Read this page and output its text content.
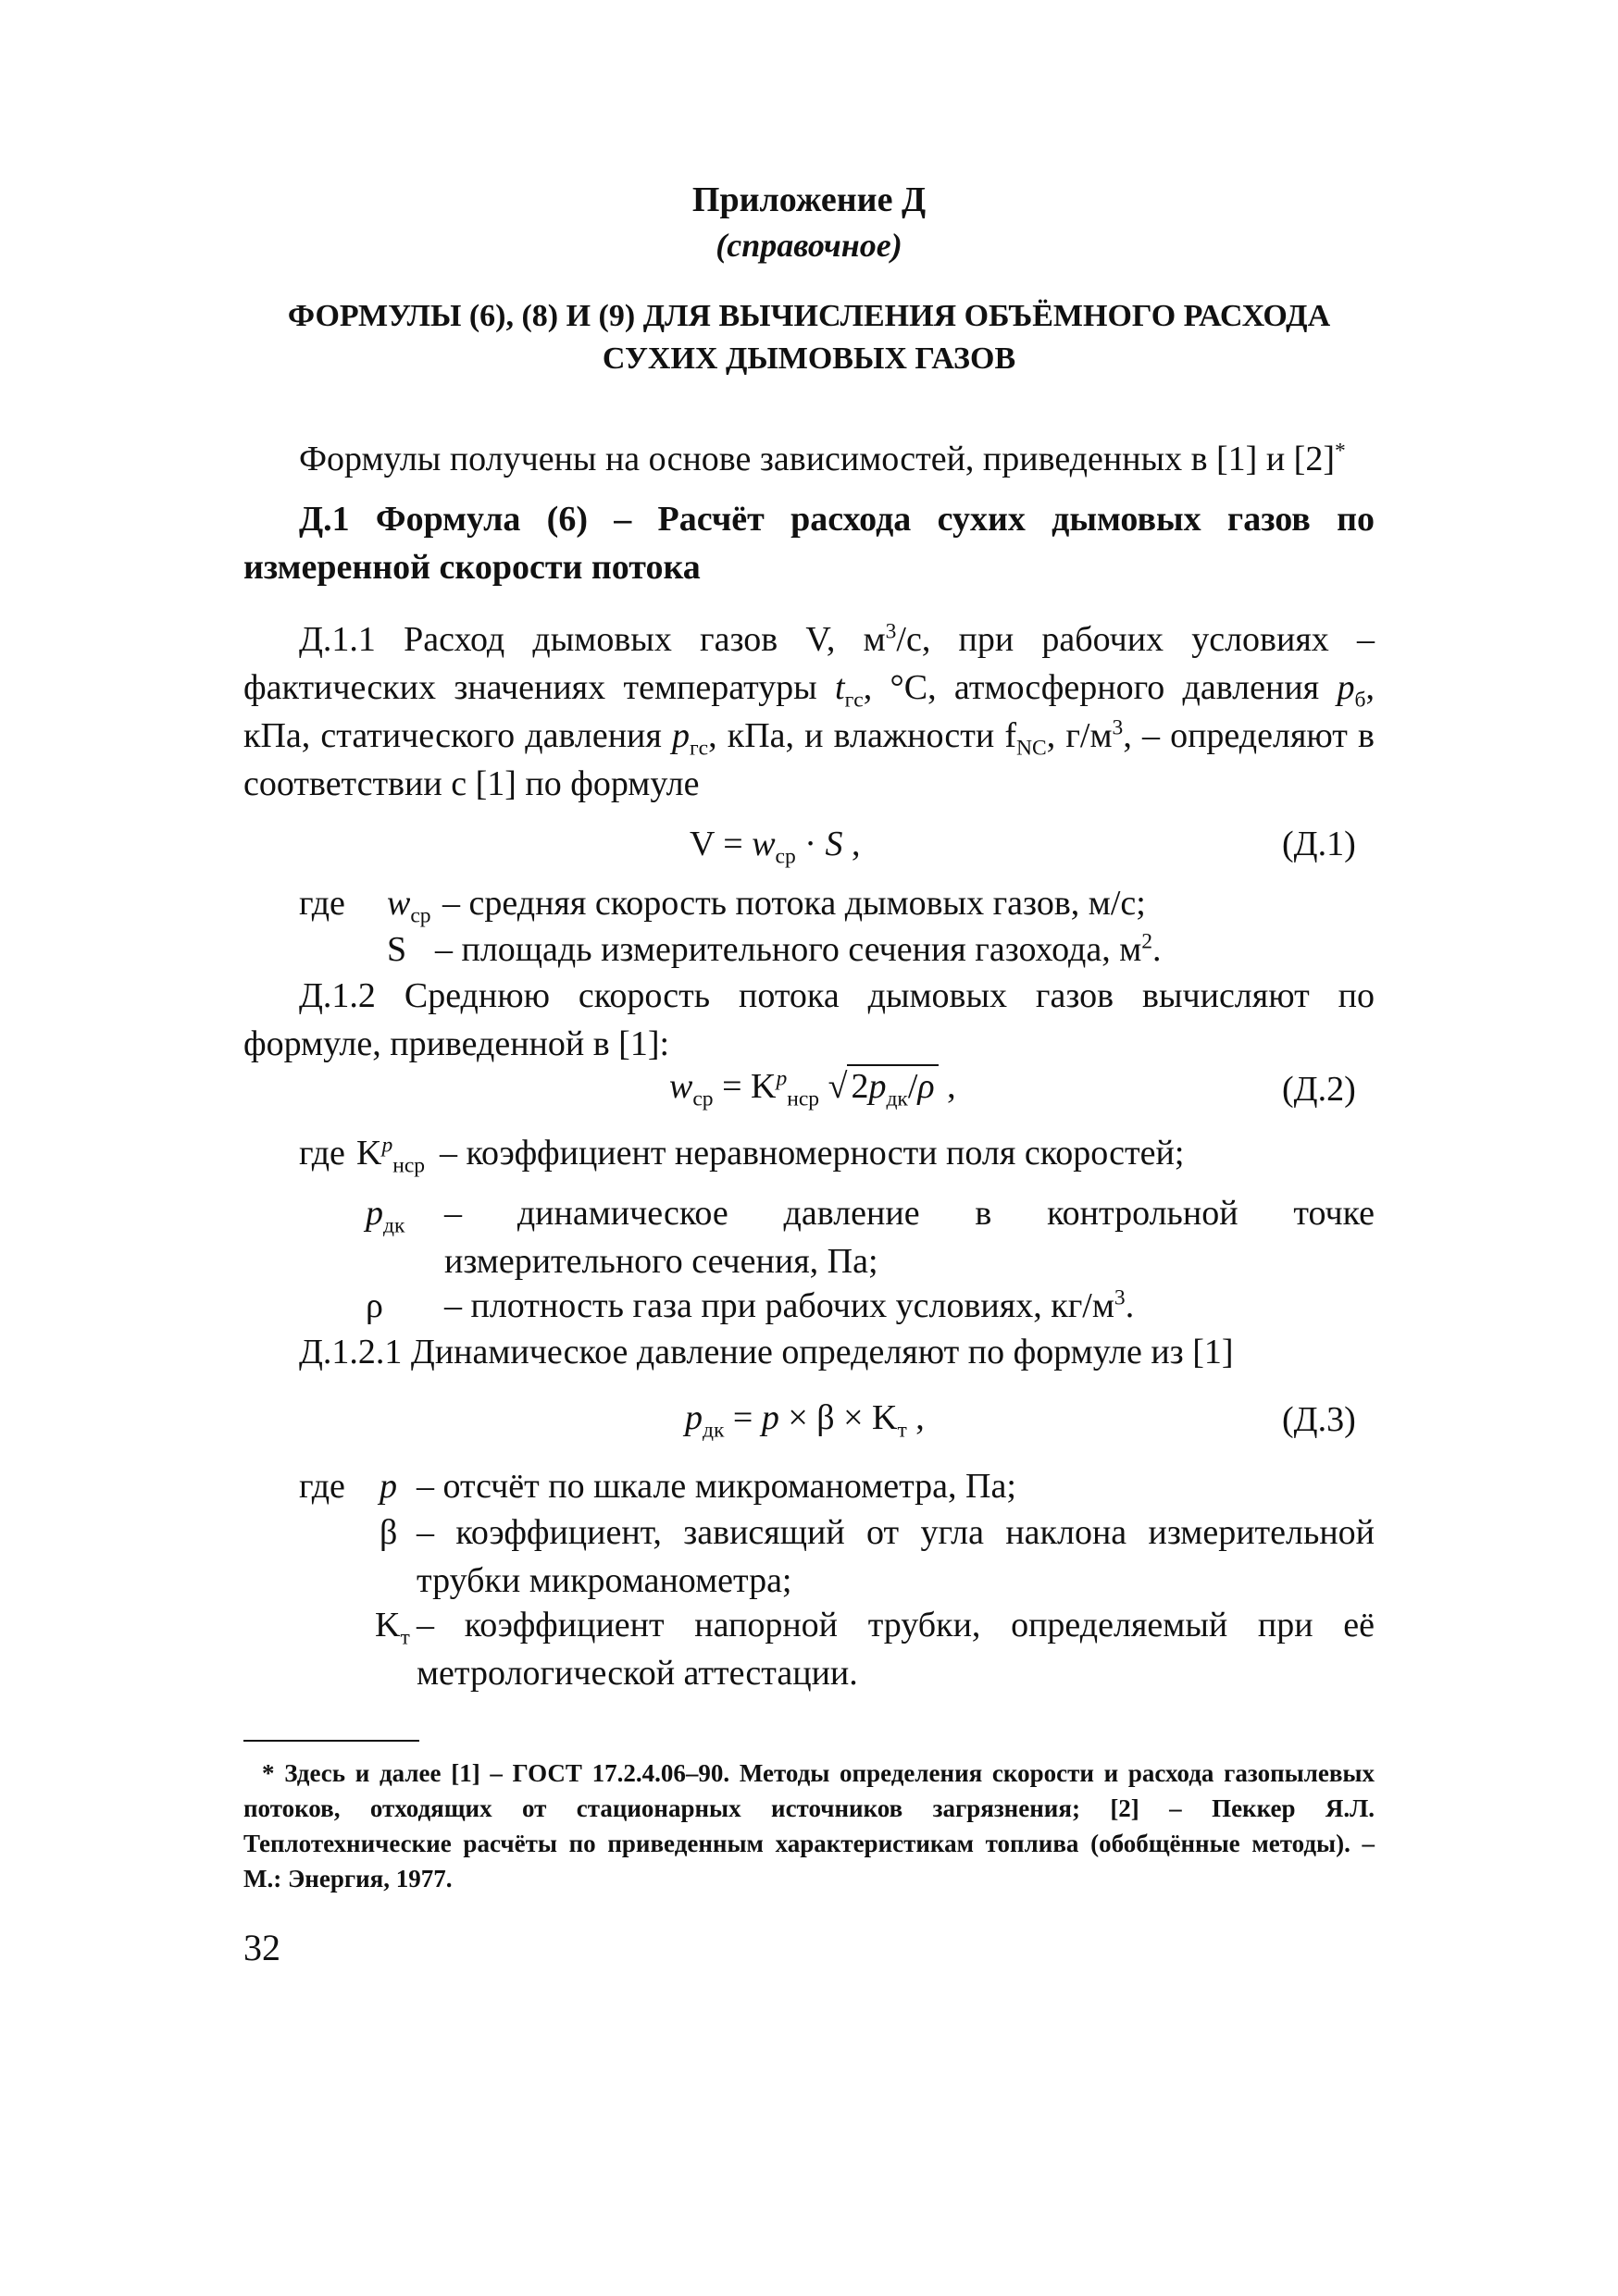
Приложение Д
(справочное)
ФОРМУЛЫ (6), (8) И (9) ДЛЯ ВЫЧИСЛЕНИЯ ОБЪЁМНОГО РАСХОДА
СУХИХ ДЫМОВЫХ ГАЗОВ
Формулы получены на основе зависимостей, приведенных в [1] и [2]*
Д.1 Формула (6) – Расчёт расхода сухих дымовых газов по измеренной скорости потока
Д.1.1 Расход дымовых газов V, $м^3/с$, при рабочих условиях – фактических значениях температуры $t_{гс}$, °С, атмосферного давления $p_б$, кПа, статического давления $p_{гс}$, кПа, и влажности $f_{NC}$, $г/м^3$, – определяют в соответствии с [1] по формуле
$V = w_{ср} \cdot S$ ,	(Д.1)
где $w_{ср}$ – средняя скорость потока дымовых газов, м/с;
S – площадь измерительного сечения газохода, $м^2$.
Д.1.2 Среднюю скорость потока дымовых газов вычисляют по формуле, приведенной в [1]:
$w_{ср} = K^p_{нср}$ √ $2p_{дк}/\rho$ ,	(Д.2)
где $K^p_{нср}$ – коэффициент неравномерности поля скоростей;
$p_{дк}$ – динамическое давление в контрольной точке измерительного сечения, Па;
ρ – плотность газа при рабочих условиях, $кг/м^3$.
Д.1.2.1 Динамическое давление определяют по формуле из [1]
$p_{дк} = p \times \beta \times K_т$ ,	(Д.3)
где p – отсчёт по шкале микроманометра, Па;
β – коэффициент, зависящий от угла наклона измерительной трубки микроманометра;
$K_т$ – коэффициент напорной трубки, определяемый при её метрологической аттестации.
* Здесь и далее [1] – ГОСТ 17.2.4.06–90. Методы определения скорости и расхода газопылевых потоков, отходящих от стационарных источников загрязнения; [2] – Пеккер Я.Л. Теплотехнические расчёты по приведенным характеристикам топлива (обобщённые методы). – М.: Энергия, 1977.
32
